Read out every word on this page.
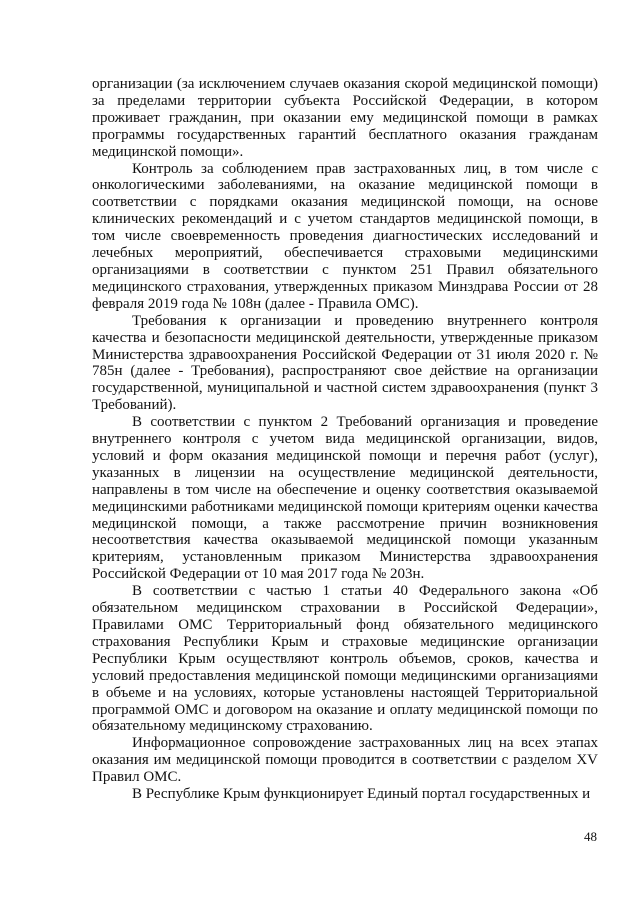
организации (за исключением случаев оказания скорой медицинской помощи) за пределами территории субъекта Российской Федерации, в котором проживает гражданин, при оказании ему медицинской помощи в рамках программы государственных гарантий бесплатного оказания гражданам медицинской помощи».

Контроль за соблюдением прав застрахованных лиц, в том числе с онкологическими заболеваниями, на оказание медицинской помощи в соответствии с порядками оказания медицинской помощи, на основе клинических рекомендаций и с учетом стандартов медицинской помощи, в том числе своевременность проведения диагностических исследований и лечебных мероприятий, обеспечивается страховыми медицинскими организациями в соответствии с пунктом 251 Правил обязательного медицинского страхования, утвержденных приказом Минздрава России от 28 февраля 2019 года № 108н (далее - Правила ОМС).

Требования к организации и проведению внутреннего контроля качества и безопасности медицинской деятельности, утвержденные приказом Министерства здравоохранения Российской Федерации от 31 июля 2020 г. № 785н (далее - Требования), распространяют свое действие на организации государственной, муниципальной и частной систем здравоохранения (пункт 3 Требований).

В соответствии с пунктом 2 Требований организация и проведение внутреннего контроля с учетом вида медицинской организации, видов, условий и форм оказания медицинской помощи и перечня работ (услуг), указанных в лицензии на осуществление медицинской деятельности, направлены в том числе на обеспечение и оценку соответствия оказываемой медицинскими работниками медицинской помощи критериям оценки качества медицинской помощи, а также рассмотрение причин возникновения несоответствия качества оказываемой медицинской помощи указанным критериям, установленным приказом Министерства здравоохранения Российской Федерации от 10 мая 2017 года № 203н.

В соответствии с частью 1 статьи 40 Федерального закона «Об обязательном медицинском страховании в Российской Федерации», Правилами ОМС Территориальный фонд обязательного медицинского страхования Республики Крым и страховые медицинские организации Республики Крым осуществляют контроль объемов, сроков, качества и условий предоставления медицинской помощи медицинскими организациями в объеме и на условиях, которые установлены настоящей Территориальной программой ОМС и договором на оказание и оплату медицинской помощи по обязательному медицинскому страхованию.

Информационное сопровождение застрахованных лиц на всех этапах оказания им медицинской помощи проводится в соответствии с разделом XV Правил ОМС.

В Республике Крым функционирует Единый портал государственных и

48
